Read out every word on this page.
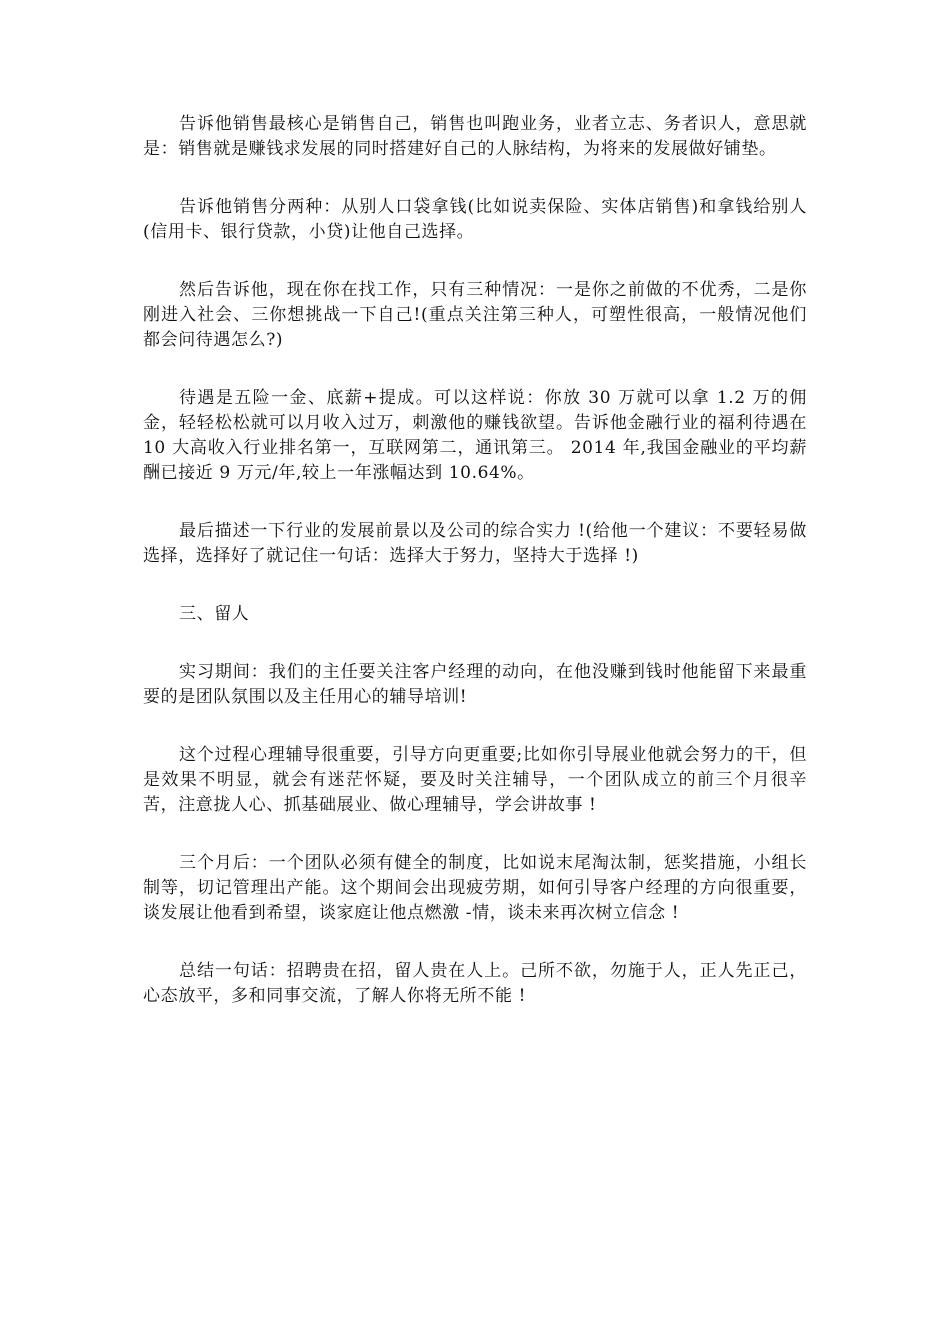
告诉他销售最核心是销售自己，销售也叫跑业务，业者立志、务者识人，意思就是：销售就是赚钱求发展的同时搭建好自己的人脉结构，为将来的发展做好铺垫。

告诉他销售分两种：从别人口袋拿钱(比如说卖保险、实体店销售)和拿钱给别人(信用卡、银行贷款，小贷)让他自己选择。

然后告诉他，现在你在找工作，只有三种情况：一是你之前做的不优秀，二是你刚进入社会、三你想挑战一下自己!(重点关注第三种人，可塑性很高，一般情况他们都会问待遇怎么?)

待遇是五险一金、底薪+提成。可以这样说：你放 30 万就可以拿 1.2 万的佣金，轻轻松松就可以月收入过万，刺激他的赚钱欲望。告诉他金融行业的福利待遇在 10 大高收入行业排名第一，互联网第二，通讯第三。 2014 年,我国金融业的平均薪酬已接近 9 万元/年,较上一年涨幅达到 10.64%。

最后描述一下行业的发展前景以及公司的综合实力 !(给他一个建议：不要轻易做选择，选择好了就记住一句话：选择大于努力，坚持大于选择 !)

三、留人

实习期间：我们的主任要关注客户经理的动向，在他没赚到钱时他能留下来最重要的是团队氛围以及主任用心的辅导培训!

这个过程心理辅导很重要，引导方向更重要;比如你引导展业他就会努力的干，但是效果不明显，就会有迷茫怀疑，要及时关注辅导，一个团队成立的前三个月很辛苦，注意拢人心、抓基础展业、做心理辅导，学会讲故事 !

三个月后：一个团队必须有健全的制度，比如说末尾淘汰制，惩奖措施，小组长制等，切记管理出产能。这个期间会出现疲劳期，如何引导客户经理的方向很重要，谈发展让他看到希望，谈家庭让他点燃激 -情，谈未来再次树立信念 !

总结一句话：招聘贵在招，留人贵在人上。己所不欲，勿施于人，正人先正己，心态放平，多和同事交流，了解人你将无所不能 !
